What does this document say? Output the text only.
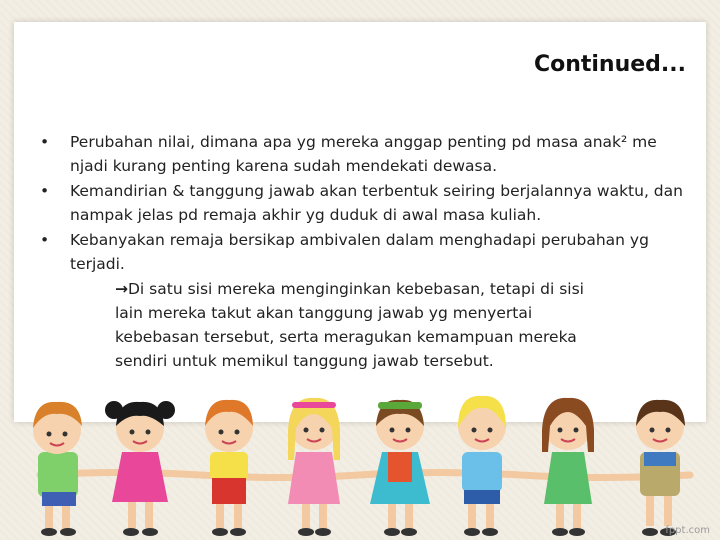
Continued...
•	Perubahan nilai, dimana apa yg mereka anggap penting pd masa anak² me njadi kurang penting karena sudah mendekati dewasa.
•	Kemandirian & tanggung jawab akan terbentuk seiring berjalannya waktu, dan nampak jelas pd remaja akhir yg duduk di awal masa kuliah.
•	Kebanyakan remaja bersikap ambivalen dalam menghadapi perubahan yg terjadi.
→Di satu sisi mereka menginginkan kebebasan, tetapi di sisi lain mereka takut akan tanggung jawab yg menyertai kebebasan tersebut, serta meragukan kemampuan mereka sendiri untuk memikul tanggung jawab tersebut.
fppt.com
